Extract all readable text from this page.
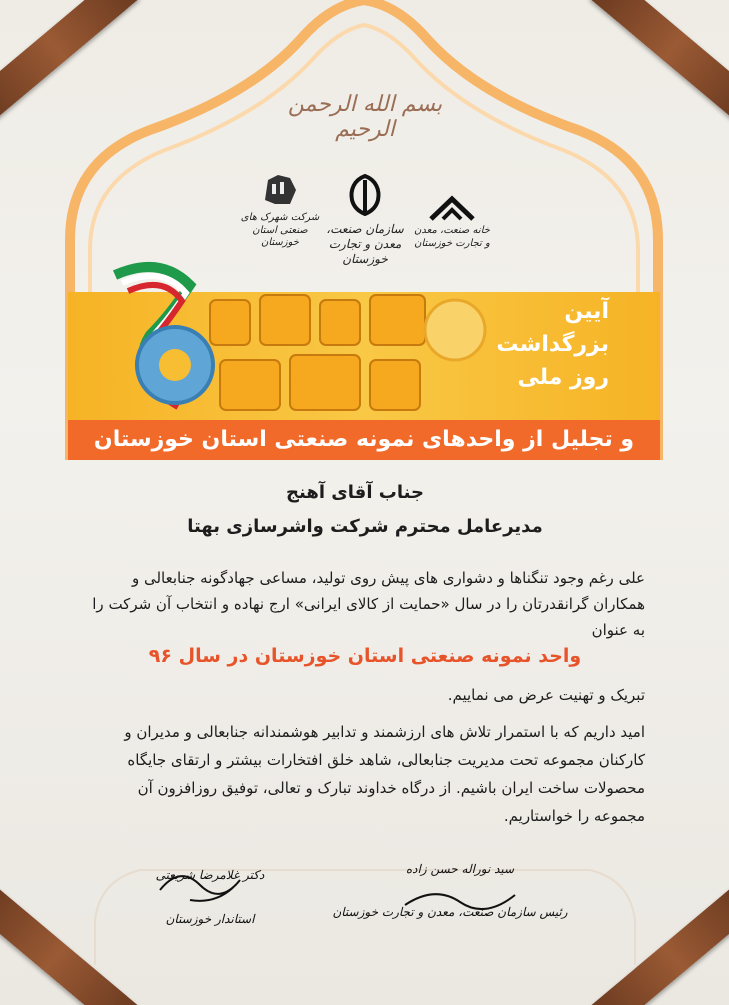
بسم الله الرحمن الرحیم
شرکت شهرک های صنعتی استان خوزستان
سازمان صنعت، معدن و تجارت خوزستان
خانه صنعت، معدن و تجارت خوزستان
آیین
بزرگداشت
روز ملی
و تجلیل از واحدهای نمونه صنعتی استان خوزستان
جناب آقای آهنج
مدیرعامل محترم شرکت واشرسازی بهتا
علی رغم وجود تنگناها و دشواری های پیش روی تولید، مساعی جهادگونه جنابعالی و همکاران گرانقدرتان را در سال «حمایت از کالای ایرانی» ارج نهاده و انتخاب آن شرکت را به عنوان
واحد نمونه صنعتی استان خوزستان در سال ۹۶
تبریک و تهنیت عرض می نماییم.
امید داریم که با استمرار تلاش های ارزشمند و تدابیر هوشمندانه جنابعالی و مدیران و کارکنان مجموعه تحت مدیریت جنابعالی، شاهد خلق افتخارات بیشتر و ارتقای جایگاه محصولات ساخت ایران باشیم. از درگاه خداوند تبارک و تعالی، توفیق روزافزون آن مجموعه را خواستاریم.
دکتر غلامرضا شریعتی
استاندار خوزستان
سید نوراله حسن زاده
رئیس سازمان صنعت، معدن و تجارت خوزستان
